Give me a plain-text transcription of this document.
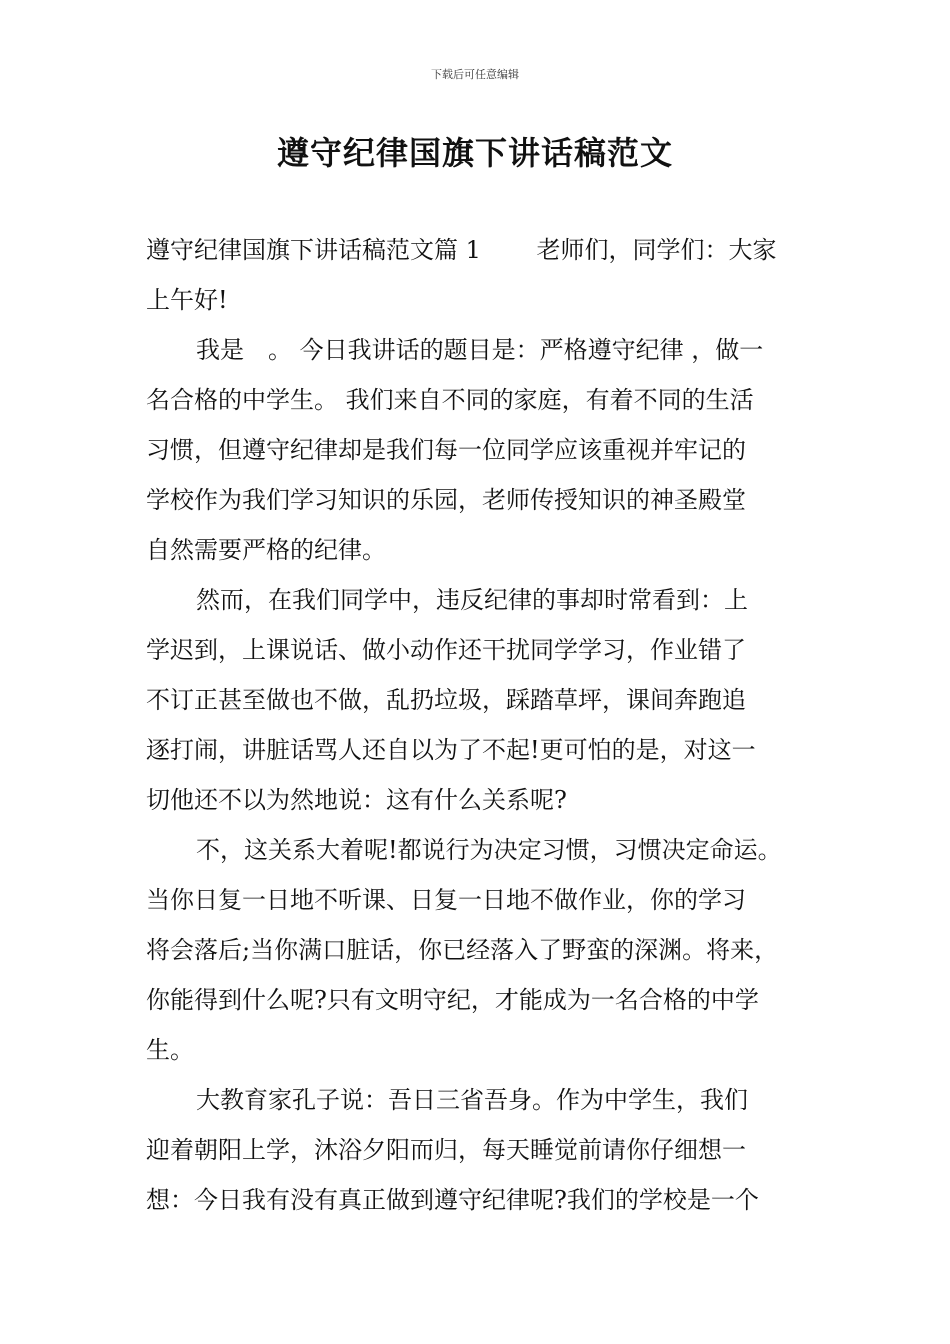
下载后可任意编辑
遵守纪律国旗下讲话稿范文
遵守纪律国旗下讲话稿范文篇 1　　 老师们，同学们：大家
上午好!
我是　。 今日我讲话的题目是：严格遵守纪律 ，做一
名合格的中学生。 我们来自不同的家庭，有着不同的生活
习惯，但遵守纪律却是我们每一位同学应该重视并牢记的
学校作为我们学习知识的乐园，老师传授知识的神圣殿堂
自然需要严格的纪律。
然而，在我们同学中，违反纪律的事却时常看到：上
学迟到，上课说话、做小动作还干扰同学学习，作业错了
不订正甚至做也不做，乱扔垃圾，踩踏草坪，课间奔跑追
逐打闹，讲脏话骂人还自以为了不起!更可怕的是，对这一
切他还不以为然地说：这有什么关系呢?
不，这关系大着呢!都说行为决定习惯，习惯决定命运。
当你日复一日地不听课、日复一日地不做作业，你的学习
将会落后;当你满口脏话，你已经落入了野蛮的深渊。将来，
你能得到什么呢?只有文明守纪，才能成为一名合格的中学
生。
大教育家孔子说：吾日三省吾身。作为中学生，我们
迎着朝阳上学，沐浴夕阳而归，每天睡觉前请你仔细想一
想：今日我有没有真正做到遵守纪律呢?我们的学校是一个
